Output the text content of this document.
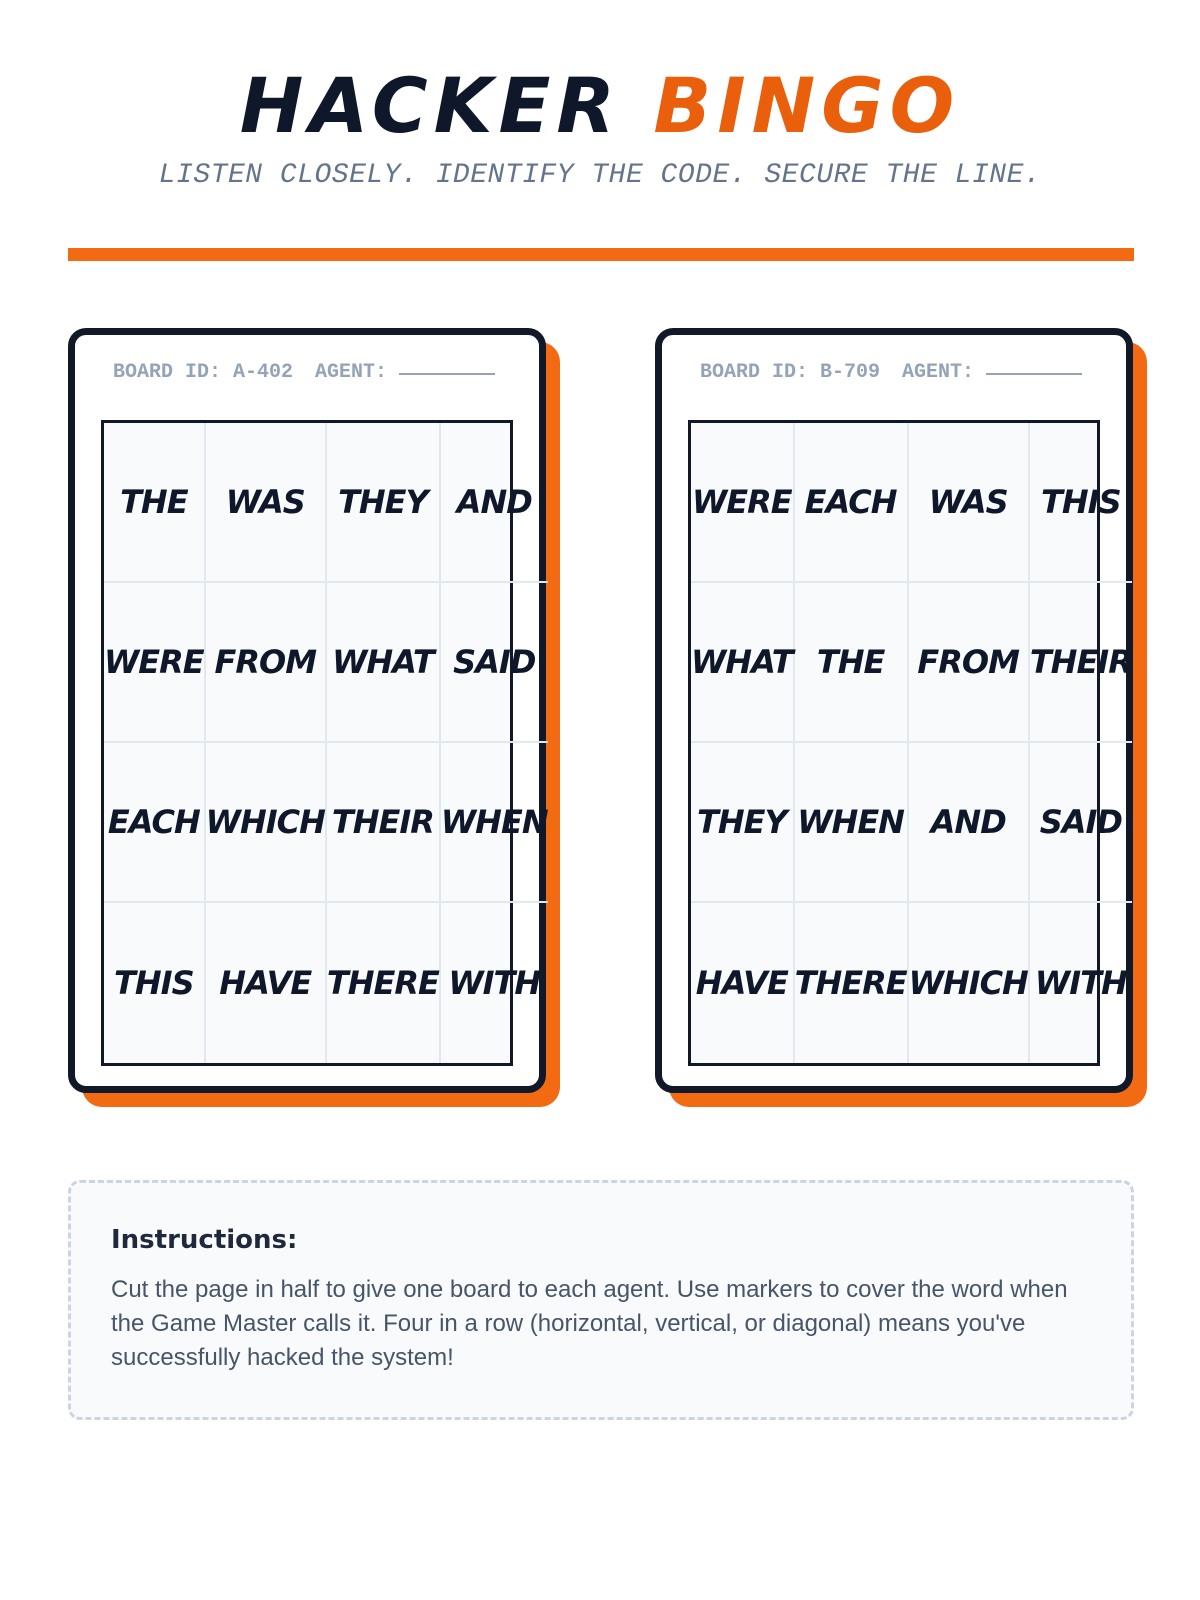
HACKER BINGO
LISTEN CLOSELY. IDENTIFY THE CODE. SECURE THE LINE.
BOARD ID: A-402 AGENT:
THE WAS THEY AND
WERE FROM WHAT SAID
EACH WHICH THEIR WHEN
THIS HAVE THERE WITH
BOARD ID: B-709 AGENT:
WERE EACH WAS THIS
WHAT THE FROM THEIR
THEY WHEN AND SAID
HAVE THERE WHICH WITH
Instructions:

Cut the page in half to give one board to each agent. Use markers to cover the word when the Game Master calls it. Four in a row (horizontal, vertical, or diagonal) means you've successfully hacked the system!
